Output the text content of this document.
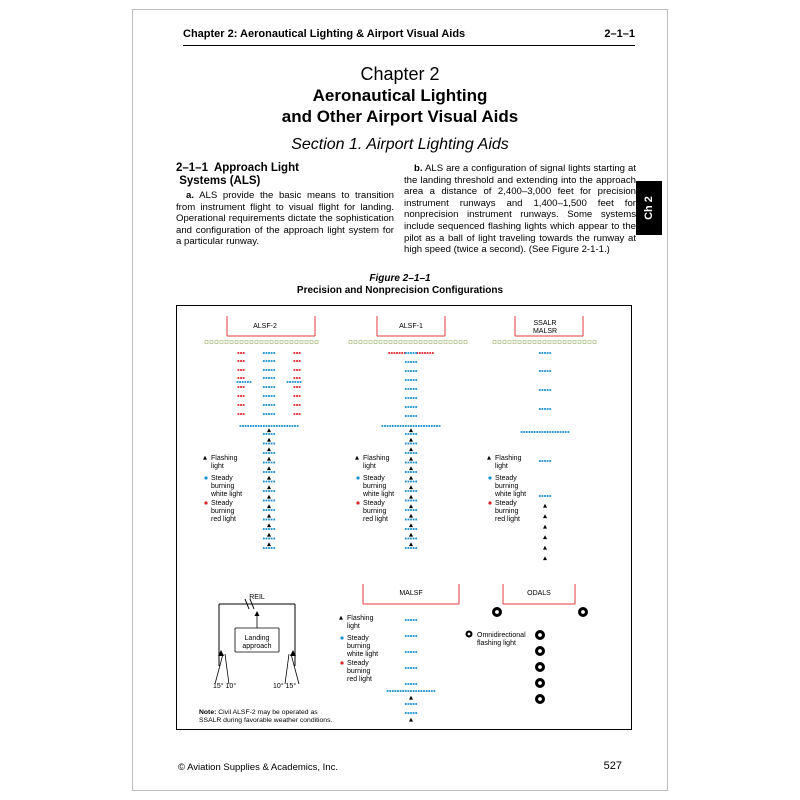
Chapter 2: Aeronautical Lighting & Airport Visual Aids	2–1–1
Chapter 2
Aeronautical Lighting
and Other Airport Visual Aids
Section 1. Airport Lighting Aids
2–1–1 Approach Light
Systems (ALS)

a. ALS provide the basic means to transition from instrument flight to visual flight for landing. Operational requirements dictate the sophistication and configuration of the approach light system for a particular runway.

b. ALS are a configuration of signal lights starting at the landing threshold and extending into the approach area a distance of 2,400–3,000 feet for precision instrument runways and 1,400–1,500 feet for nonprecision instrument runways. Some systems include sequenced flashing lights which appear to the pilot as a ball of light traveling towards the runway at high speed (twice a second). (See Figure 2-1-1.)

Ch 2
Figure 2–1–1
Precision and Nonprecision Configurations
ALSF-2	ALSF-1	SSALR
MALSR
MALSF	ODALS
REIL
Flashing
light
Steady
burning
white light
Steady
burning
red light
Flashing
light
Steady
burning
white light
Steady
burning
red light
Flashing
light
Steady
burning
white light
Steady
burning
red light
Flashing
light
Steady
burning
white light
Steady
burning
red light
Omnidirectional
flashing light
Landing
approach
15° 10°	10° 15°
Note: Civil ALSF-2 may be operated as
SSALR during favorable weather conditions.
© Aviation Supplies & Academics, Inc.	527
